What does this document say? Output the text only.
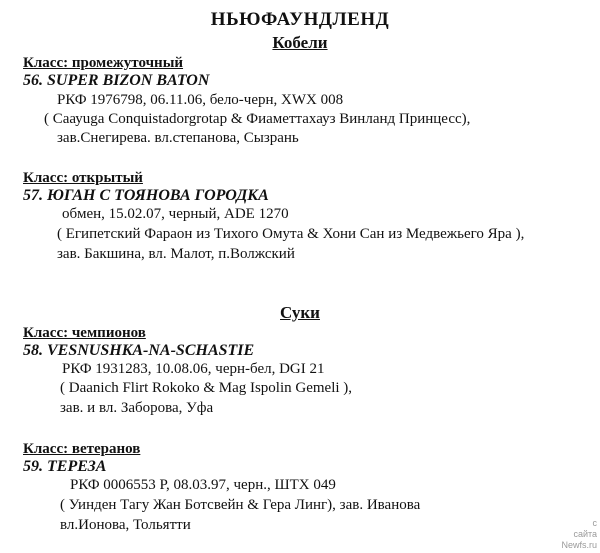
НЬЮФАУНДЛЕНД
Кобели
Класс: промежуточный
56. SUPER BIZON BATON
РКФ 1976798, 06.11.06, бело-черн, XWX 008
( Саауuga Conquistadorgrotap & Фиаметтахауз Винланд Принцесс),
зав.Снегирева. вл.степанова, Сызрань
Класс: открытый
57. ЮГАН С ТОЯНОВА ГОРОДКА
обмен, 15.02.07, черный, ADE 1270
( Египетский Фараон из Тихого Омута & Хони Сан из Медвежьего Яра ),
зав. Бакшина, вл. Малот, п.Волжский
Суки
Класс: чемпионов
58. VESNUSHKA-NA-SCHASTIE
РКФ 1931283, 10.08.06, черн-бел, DGI 21
( Daanich Flirt Rokoko & Mag Ispolin Gemeli ),
зав. и вл. Заборова, Уфа
Класс: ветеранов
59. ТЕРЕЗА
РКФ 0006553 Р, 08.03.97, черн., ШТХ 049
( Уинден Тагу Жан Ботсвейн & Гера Линг), зав. Иванова
вл.Ионова, Тольятти	с
сайта
Newfs.ru
